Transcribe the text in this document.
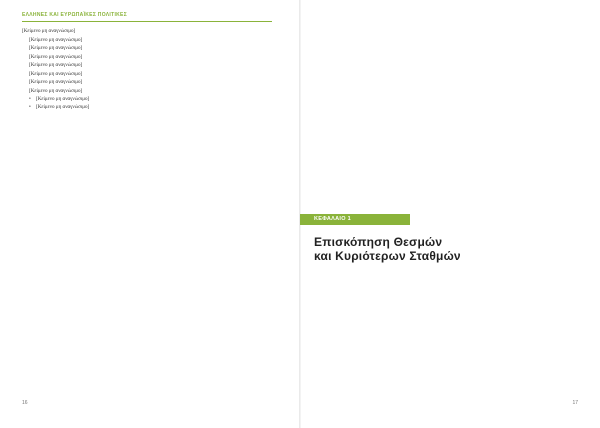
ΕΛΛΗΝΕΣ ΚΑΙ ΕΥΡΩΠΑΪΚΕΣ ΠΟΛΙΤΙΚΕΣ

[Κείμενο μη αναγνώσιμο]

[Κείμενο μη αναγνώσιμο]

[Κείμενο μη αναγνώσιμο]

[Κείμενο μη αναγνώσιμο]

[Κείμενο μη αναγνώσιμο]

[Κείμενο μη αναγνώσιμο]

[Κείμενο μη αναγνώσιμο]

[Κείμενο μη αναγνώσιμο]

• [Κείμενο μη αναγνώσιμο]
• [Κείμενο μη αναγνώσιμο]
16
ΚΕΦΑΛΑΙΟ 1
Επισκόπηση Θεσμών
και Κυριότερων Σταθμών
17
